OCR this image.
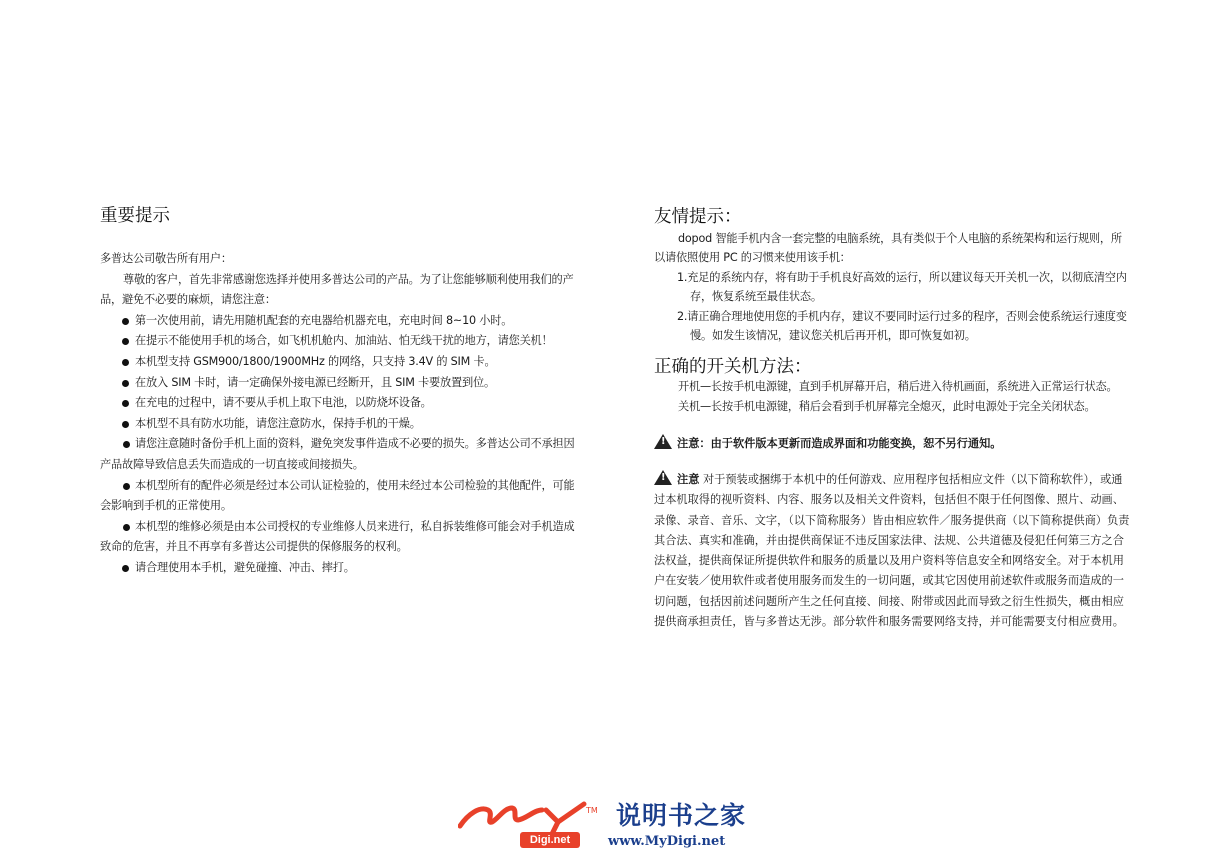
重要提示

多普达公司敬告所有用户：

尊敬的客户，首先非常感谢您选择并使用多普达公司的产品。为了让您能够顺利使用我们的产品，避免不必要的麻烦，请您注意：

第一次使用前，请先用随机配套的充电器给机器充电，充电时间 8~10 小时。

在提示不能使用手机的场合，如飞机机舱内、加油站、怕无线干扰的地方，请您关机！

本机型支持 GSM900/1800/1900MHz 的网络，只支持 3.4V 的 SIM 卡。

在放入 SIM 卡时，请一定确保外接电源已经断开，且 SIM 卡要放置到位。

在充电的过程中，请不要从手机上取下电池，以防烧坏设备。

本机型不具有防水功能，请您注意防水，保持手机的干燥。

请您注意随时备份手机上面的资料，避免突发事件造成不必要的损失。多普达公司不承担因产品故障导致信息丢失而造成的一切直接或间接损失。

本机型所有的配件必须是经过本公司认证检验的，使用未经过本公司检验的其他配件，可能会影响到手机的正常使用。

本机型的维修必须是由本公司授权的专业维修人员来进行，私自拆装维修可能会对手机造成致命的危害，并且不再享有多普达公司提供的保修服务的权利。

请合理使用本手机，避免碰撞、冲击、摔打。

友情提示：

dopod 智能手机内含一套完整的电脑系统，具有类似于个人电脑的系统架构和运行规则，所以请依照使用 PC 的习惯来使用该手机：

1.充足的系统内存，将有助于手机良好高效的运行，所以建议每天开关机一次，以彻底清空内存，恢复系统至最佳状态。

2.请正确合理地使用您的手机内存，建议不要同时运行过多的程序，否则会使系统运行速度变慢。如发生该情况，建议您关机后再开机，即可恢复如初。

正确的开关机方法：

开机—长按手机电源键，直到手机屏幕开启，稍后进入待机画面，系统进入正常运行状态。

关机—长按手机电源键，稍后会看到手机屏幕完全熄灭，此时电源处于完全关闭状态。

!注意：由于软件版本更新而造成界面和功能变换，恕不另行通知。
!注意 对于预装或捆绑于本机中的任何游戏、应用程序包括相应文件（以下简称软件），或通过本机取得的视听资料、内容、服务以及相关文件资料，包括但不限于任何图像、照片、动画、录像、录音、音乐、文字，（以下简称服务）皆由相应软件／服务提供商（以下简称提供商）负责其合法、真实和准确，并由提供商保证不违反国家法律、法规、公共道德及侵犯任何第三方之合法权益，提供商保证所提供软件和服务的质量以及用户资料等信息安全和网络安全。对于本机用户在安装／使用软件或者使用服务而发生的一切问题，或其它因使用前述软件或服务而造成的一切问题，包括因前述问题所产生之任何直接、间接、附带或因此而导致之衍生性损失，概由相应提供商承担责任，皆与多普达无涉。部分软件和服务需要网络支持，并可能需要支付相应费用。
TM
Digi.net
说明书之家
www.MyDigi.net
